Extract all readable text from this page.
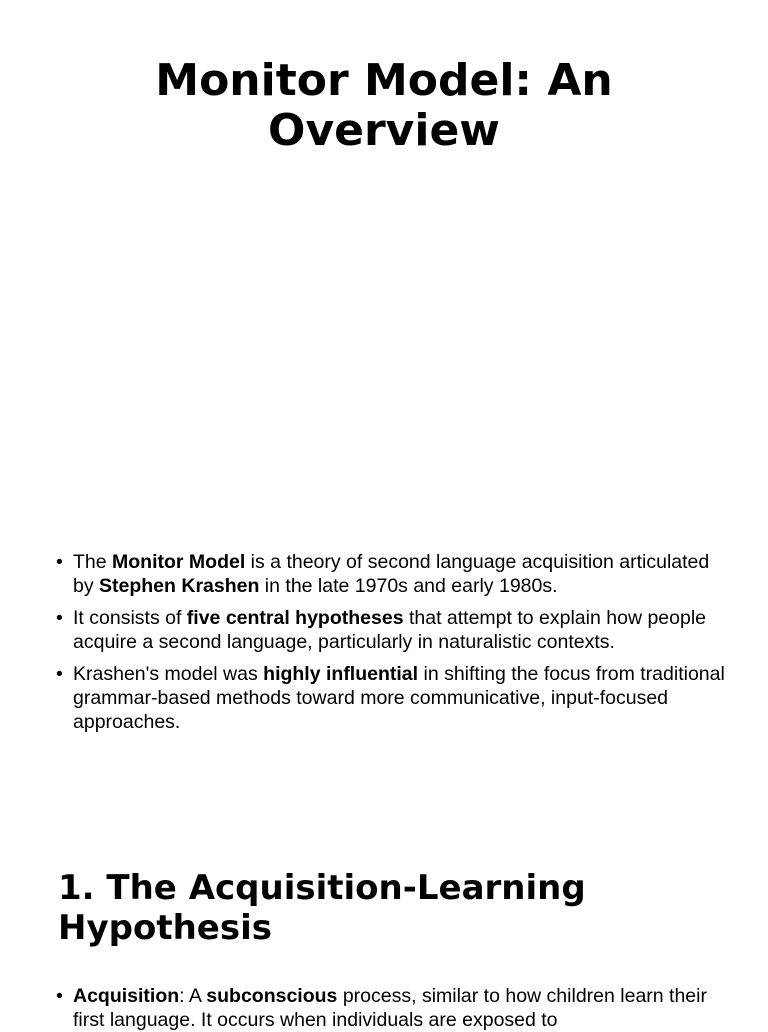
Monitor Model: An
Overview
• The Monitor Model is a theory of second language acquisition articulated by Stephen Krashen in the late 1970s and early 1980s.
• It consists of five central hypotheses that attempt to explain how people acquire a second language, particularly in naturalistic contexts.
• Krashen's model was highly influential in shifting the focus from traditional grammar-based methods toward more communicative, input-focused approaches.
1. The Acquisition-Learning
Hypothesis
• Acquisition: A subconscious process, similar to how children learn their first language. It occurs when individuals are exposed to
